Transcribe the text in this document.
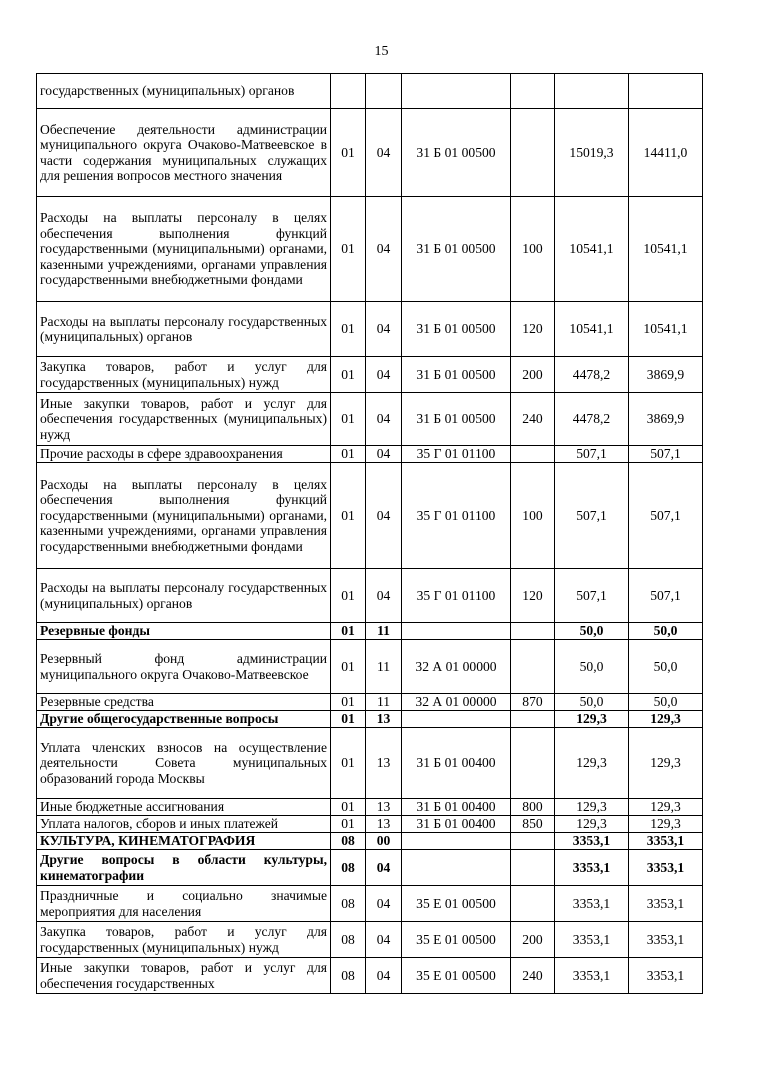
15
государственных (муниципальных) органов						
Обеспечение деятельности администрации муниципального округа Очаково-Матвеевское в части содержания муниципальных служащих для решения вопросов местного значения	01	04	31 Б 01 00500		15019,3	14411,0
Расходы на выплаты персоналу в целях обеспечения выполнения функций государственными (муниципальными) органами, казенными учреждениями, органами управления государственными внебюджетными фондами	01	04	31 Б 01 00500	100	10541,1	10541,1
Расходы на выплаты персоналу государственных (муниципальных) органов	01	04	31 Б 01 00500	120	10541,1	10541,1
Закупка товаров, работ и услуг для государственных (муниципальных) нужд	01	04	31 Б 01 00500	200	4478,2	3869,9
Иные закупки товаров, работ и услуг для обеспечения государственных (муниципальных) нужд	01	04	31 Б 01 00500	240	4478,2	3869,9
Прочие расходы в сфере здравоохранения	01	04	35 Г 01 01100		507,1	507,1
Расходы на выплаты персоналу в целях обеспечения выполнения функций государственными (муниципальными) органами, казенными учреждениями, органами управления государственными внебюджетными фондами	01	04	35 Г 01 01100	100	507,1	507,1
Расходы на выплаты персоналу государственных (муниципальных) органов	01	04	35 Г 01 01100	120	507,1	507,1
Резервные фонды	01	11			50,0	50,0
Резервный фонд администрации муниципального округа Очаково-Матвеевское	01	11	32 А 01 00000		50,0	50,0
Резервные средства	01	11	32 А 01 00000	870	50,0	50,0
Другие общегосударственные вопросы	01	13			129,3	129,3
Уплата членских взносов на осуществление деятельности Совета муниципальных образований города Москвы	01	13	31 Б 01 00400		129,3	129,3
Иные бюджетные ассигнования	01	13	31 Б 01 00400	800	129,3	129,3
Уплата налогов, сборов и иных платежей	01	13	31 Б 01 00400	850	129,3	129,3
КУЛЬТУРА, КИНЕМАТОГРАФИЯ	08	00			3353,1	3353,1
Другие вопросы в области культуры, кинематографии	08	04			3353,1	3353,1
Праздничные и социально значимые мероприятия для населения	08	04	35 Е 01 00500		3353,1	3353,1
Закупка товаров, работ и услуг для государственных (муниципальных) нужд	08	04	35 Е 01 00500	200	3353,1	3353,1
Иные закупки товаров, работ и услуг для обеспечения государственных	08	04	35 Е 01 00500	240	3353,1	3353,1
